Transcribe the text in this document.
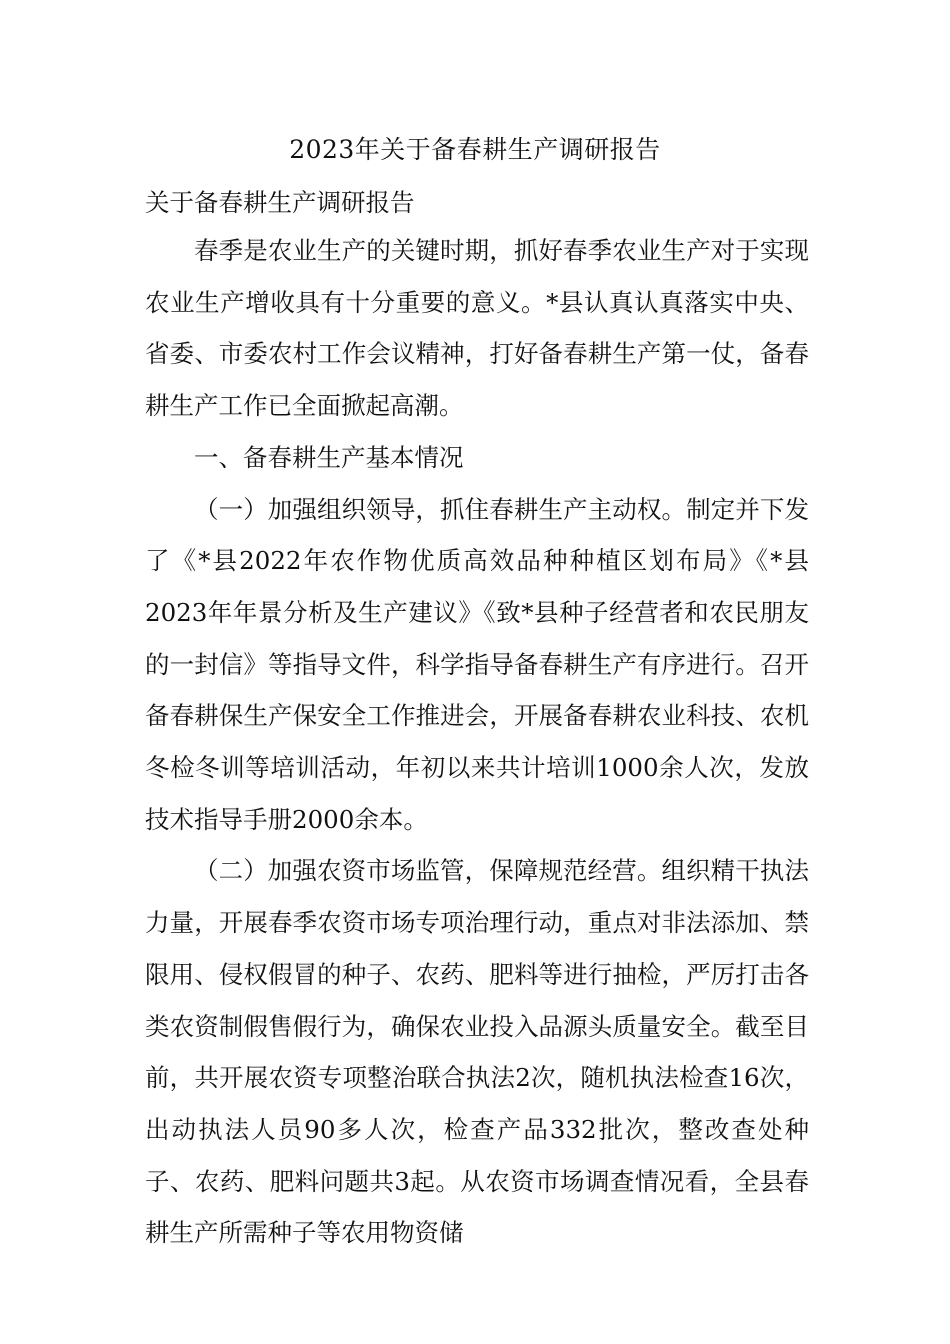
2023年关于备春耕生产调研报告
关于备春耕生产调研报告

春季是农业生产的关键时期，抓好春季农业生产对于实现农业生产增收具有十分重要的意义。*县认真认真落实中央、省委、市委农村工作会议精神，打好备春耕生产第一仗，备春耕生产工作已全面掀起高潮。

一、备春耕生产基本情况

（一）加强组织领导，抓住春耕生产主动权。制定并下发了《*县2022年农作物优质高效品种种植区划布局》《*县2023年年景分析及生产建议》《致*县种子经营者和农民朋友的一封信》等指导文件，科学指导备春耕生产有序进行。召开备春耕保生产保安全工作推进会，开展备春耕农业科技、农机冬检冬训等培训活动，年初以来共计培训1000余人次，发放技术指导手册2000余本。

（二）加强农资市场监管，保障规范经营。组织精干执法力量，开展春季农资市场专项治理行动，重点对非法添加、禁限用、侵权假冒的种子、农药、肥料等进行抽检，严厉打击各类农资制假售假行为，确保农业投入品源头质量安全。截至目前，共开展农资专项整治联合执法2次，随机执法检查16次，出动执法人员90多人次，检查产品332批次，整改查处种子、农药、肥料问题共3起。从农资市场调查情况看，全县春耕生产所需种子等农用物资储
